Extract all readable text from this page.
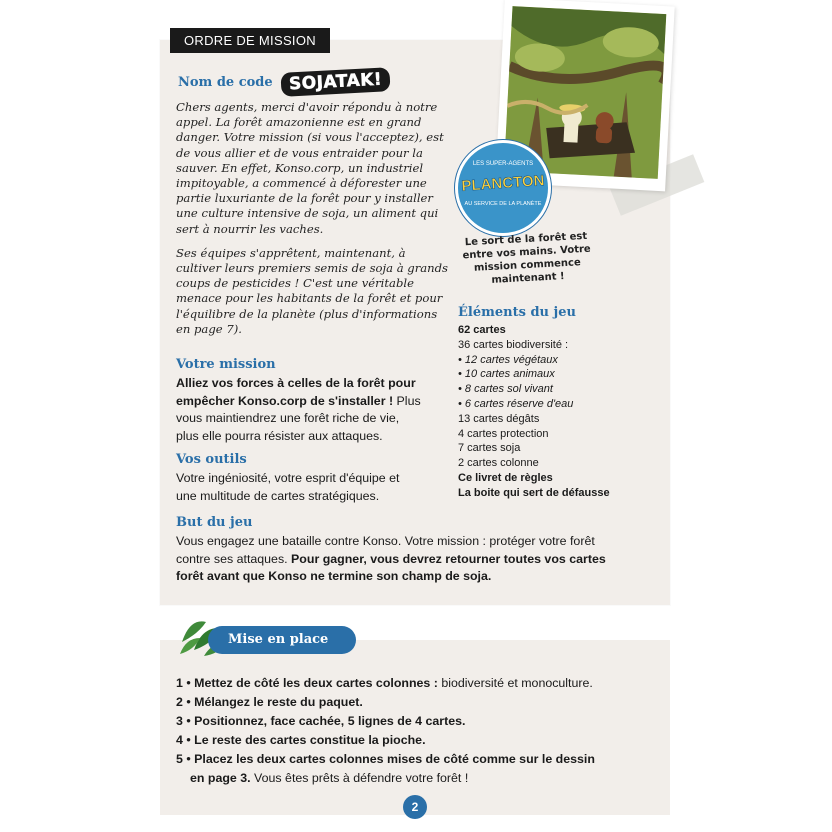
LES SUPER-AGENTS
PLANCTON
AU SERVICE DE LA PLANÈTE
Le sort de la forêt est entre vos mains. Votre mission commence maintenant !
ORDRE DE MISSION
Nom de code SOJATAK!

Chers agents, merci d'avoir répondu à notre appel. La forêt amazonienne est en grand danger. Votre mission (si vous l'acceptez), est de vous allier et de vous entraider pour la sauver. En effet, Konso.corp, un industriel impitoyable, a commencé à déforester une partie luxuriante de la forêt pour y installer une culture intensive de soja, un aliment qui sert à nourrir les vaches.

Ses équipes s'apprêtent, maintenant, à cultiver leurs premiers semis de soja à grands coups de pesticides ! C'est une véritable menace pour les habitants de la forêt et pour l'équilibre de la planète (plus d'informations en page 7).

Votre mission
Alliez vos forces à celles de la forêt pour empêcher Konso.corp de s'installer ! Plus vous maintiendrez une forêt riche de vie, plus elle pourra résister aux attaques.
Vos outils
Votre ingéniosité, votre esprit d'équipe et une multitude de cartes stratégiques.
But du jeu
Vous engagez une bataille contre Konso. Votre mission : protéger votre forêt contre ses attaques. Pour gagner, vous devrez retourner toutes vos cartes forêt avant que Konso ne termine son champ de soja.
Éléments du jeu
62 cartes
36 cartes biodiversité :
• 12 cartes végétaux
• 10 cartes animaux
• 8 cartes sol vivant
• 6 cartes réserve d'eau
13 cartes dégâts
4 cartes protection
7 cartes soja
2 cartes colonne
Ce livret de règles
La boite qui sert de défausse
Mise en place
1 • Mettez de côté les deux cartes colonnes : biodiversité et monoculture.
2 • Mélangez le reste du paquet.
3 • Positionnez, face cachée, 5 lignes de 4 cartes.
4 • Le reste des cartes constitue la pioche.
5 • Placez les deux cartes colonnes mises de côté comme sur le dessin
en page 3. Vous êtes prêts à défendre votre forêt !
2
